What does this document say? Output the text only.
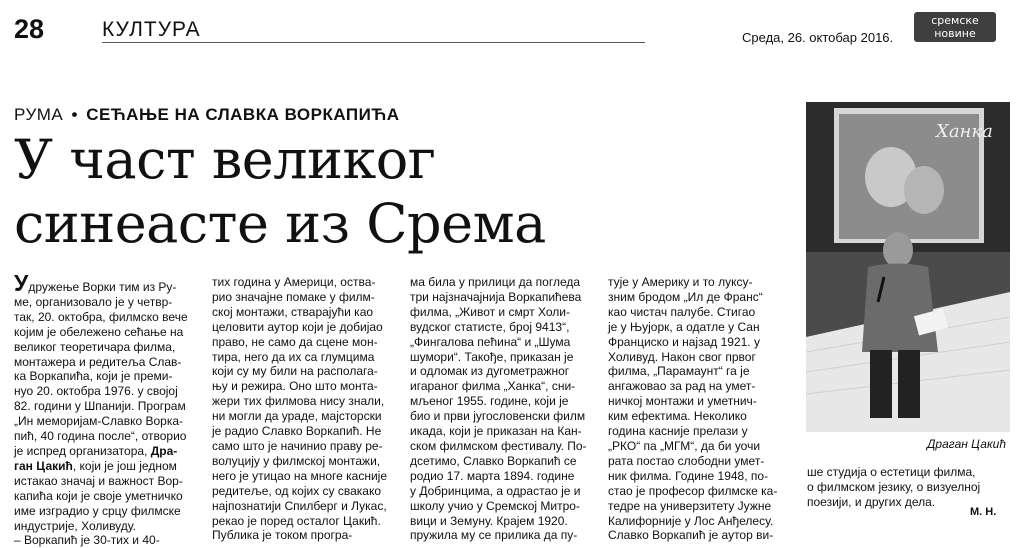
28	КУЛТУРА	Среда, 26. октобар 2016.
сремске
новине
РУМА • СЕЋАЊЕ НА СЛАВКА ВОРКАПИЋА
У част великог
синеасте из Срема
Удружење Ворки тим из Ру-
ме, организовало је у четвр-
так, 20. октобра, филмско вече
којим је обележено сећање на
великог теоретичара филма,
монтажера и редитеља Слав-
ка Воркапића, који је преми-
нуо 20. октобра 1976. у својој
82. години у Шпанији. Програм
„Ин меморијам-Славко Ворка-
пић, 40 година после“, отворио
је испред организатора, Дра-
ган Цакић, који је још једном
истакао значај и важност Вор-
капића који је своје уметничко
име изградио у срцу филмске
индустрије, Холивуду.
– Воркапић је 30-тих и 40-
тих година у Америци, оства-
рио значајне помаке у филм-
ској монтажи, стварајући као
целовити аутор који је добијао
право, не само да сцене мон-
тира, него да их са глумцима
који су му били на располага-
њу и режира. Оно што монта-
жери тих филмова нису знали,
ни могли да ураде, мајсторски
је радио Славко Воркапић. Не
само што је начинио праву ре-
волуцију у филмској монтажи,
него је утицао на многе касније
редитеље, од којих су свакако
најпознатији Спилберг и Лукас,
рекао је поред осталог Цакић.
Публика је током програ-
ма била у прилици да погледа
три најзначајнија Воркапићева
филма, „Живот и смрт Холи-
вудског статисте, број 9413“,
„Фингалова пећина“ и „Шума
шумори“. Такође, приказан је
и одломак из дугометражног
игараног филма „Ханка“, сни-
мљеног 1955. године, који је
био и први југословенски филм
икада, који је приказан на Кан-
ском филмском фестивалу. По-
дсетимо, Славко Воркапић се
родио 17. марта 1894. године
у Добринцима, а одрастао је и
школу учио у Сремској Митро-
вици и Земуну. Крајем 1920.
пружила му се прилика да пу-
тује у Америку и то луксу-
зним бродом „Ил де Франс“
као чистач палубе. Стигао
је у Њујорк, а одатле у Сан
Франциско и најзад 1921. у
Холивуд. Након свог првог
филма, „Парамаунт“ га је
ангажовао за рад на умет-
ничкој монтажи и уметнич-
ким ефектима. Неколико
година касније прелази у
„РКО“ па „МГМ“, да би уочи
рата постао слободни умет-
ник филма. Године 1948, по-
стао је професор филмске ка-
тедре на универзитету Јужне
Калифорније у Лос Анђелесу.
Славко Воркапић је аутор ви-
ше студија о естетици филма,
о филмском језику, о визуелној
поезији, и других дела.
Ханка
Драган Цакић
М. Н.
